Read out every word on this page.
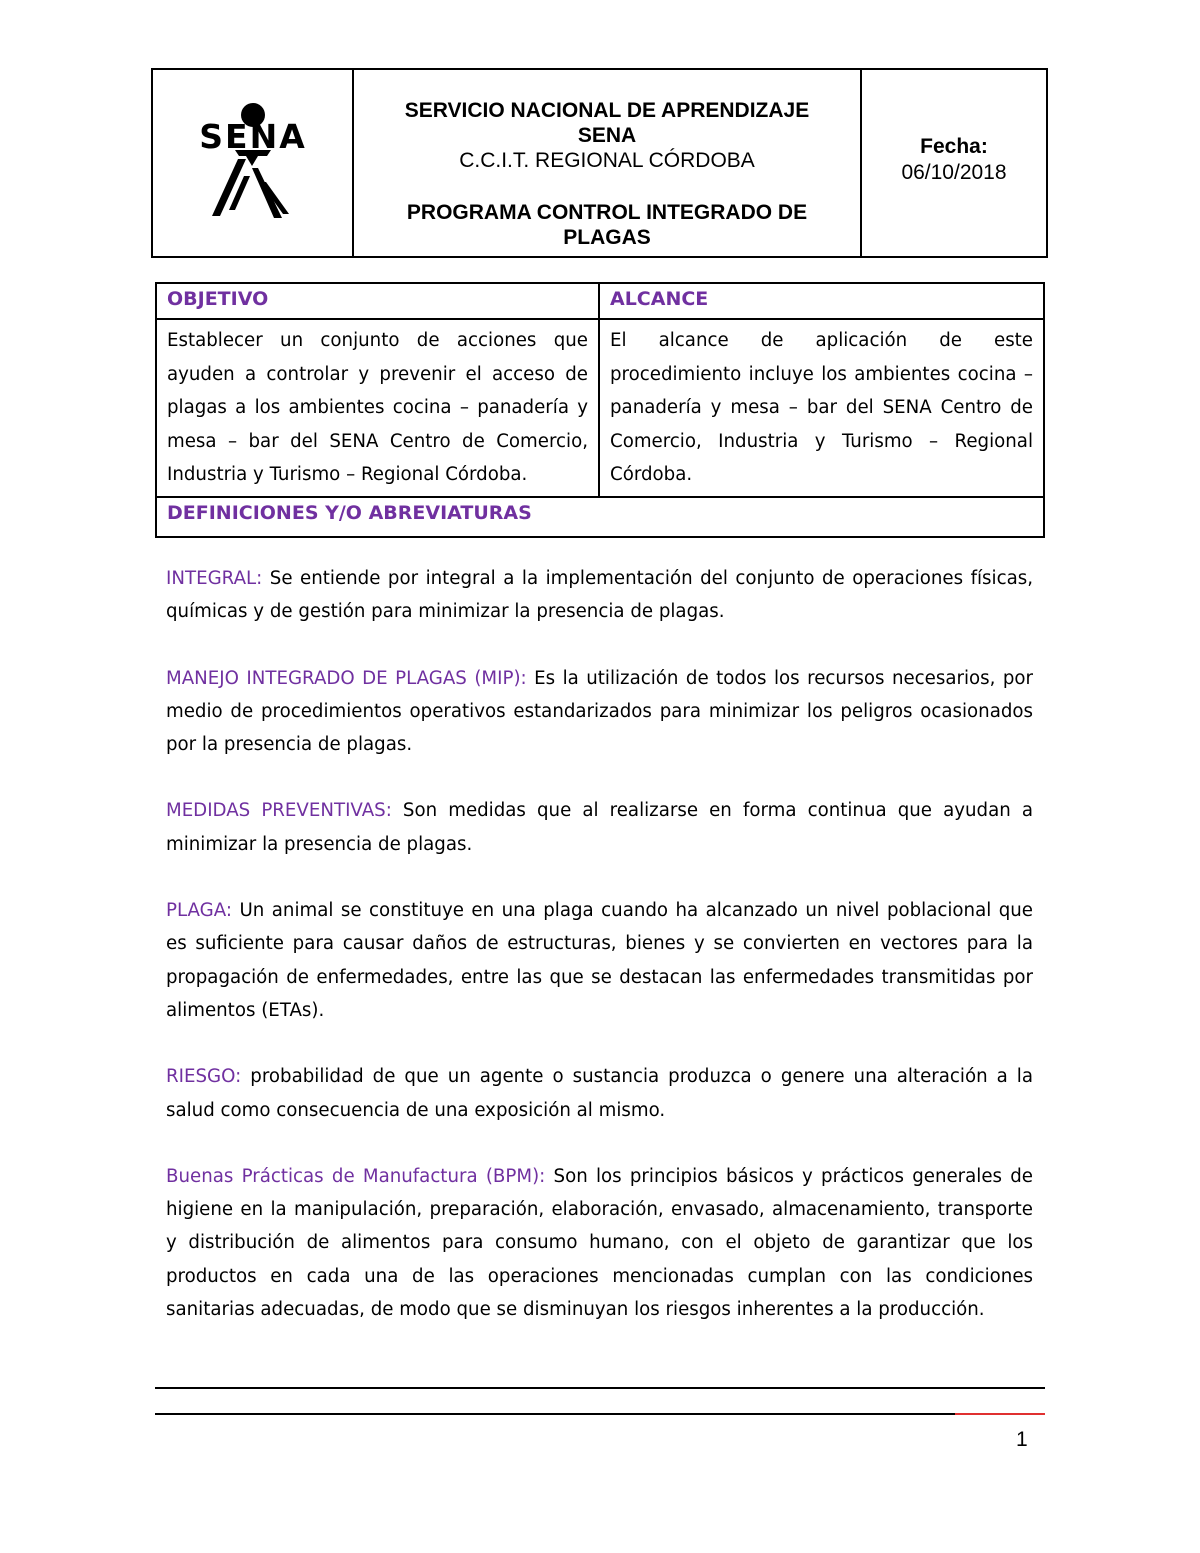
SENA
SERVICIO NACIONAL DE APRENDIZAJE
SENA
C.C.I.T. REGIONAL CÓRDOBA
PROGRAMA CONTROL INTEGRADO DE
PLAGAS
Fecha:
06/10/2018
OBJETIVO	ALCANCE
Establecer un conjunto de acciones que ayuden a controlar y prevenir el acceso de plagas a los ambientes cocina – panadería y mesa – bar del SENA Centro de Comercio, Industria y Turismo – Regional Córdoba.	El alcance de aplicación de este procedimiento incluye los ambientes cocina – panadería y mesa – bar del SENA Centro de Comercio, Industria y Turismo – Regional Córdoba.
DEFINICIONES Y/O ABREVIATURAS	

INTEGRAL: Se entiende por integral a la implementación del conjunto de operaciones físicas, químicas y de gestión para minimizar la presencia de plagas.

MANEJO INTEGRADO DE PLAGAS (MIP): Es la utilización de todos los recursos necesarios, por medio de procedimientos operativos estandarizados para minimizar los peligros ocasionados por la presencia de plagas.

MEDIDAS PREVENTIVAS: Son medidas que al realizarse en forma continua que ayudan a minimizar la presencia de plagas.

PLAGA: Un animal se constituye en una plaga cuando ha alcanzado un nivel poblacional que es suficiente para causar daños de estructuras, bienes y se convierten en vectores para la propagación de enfermedades, entre las que se destacan las enfermedades transmitidas por alimentos (ETAs).

RIESGO: probabilidad de que un agente o sustancia produzca o genere una alteración a la salud como consecuencia de una exposición al mismo.

Buenas Prácticas de Manufactura (BPM): Son los principios básicos y prácticos generales de higiene en la manipulación, preparación, elaboración, envasado, almacenamiento, transporte y distribución de alimentos para consumo humano, con el objeto de garantizar que los productos en cada una de las operaciones mencionadas cumplan con las condiciones sanitarias adecuadas, de modo que se disminuyan los riesgos inherentes a la producción.

1
